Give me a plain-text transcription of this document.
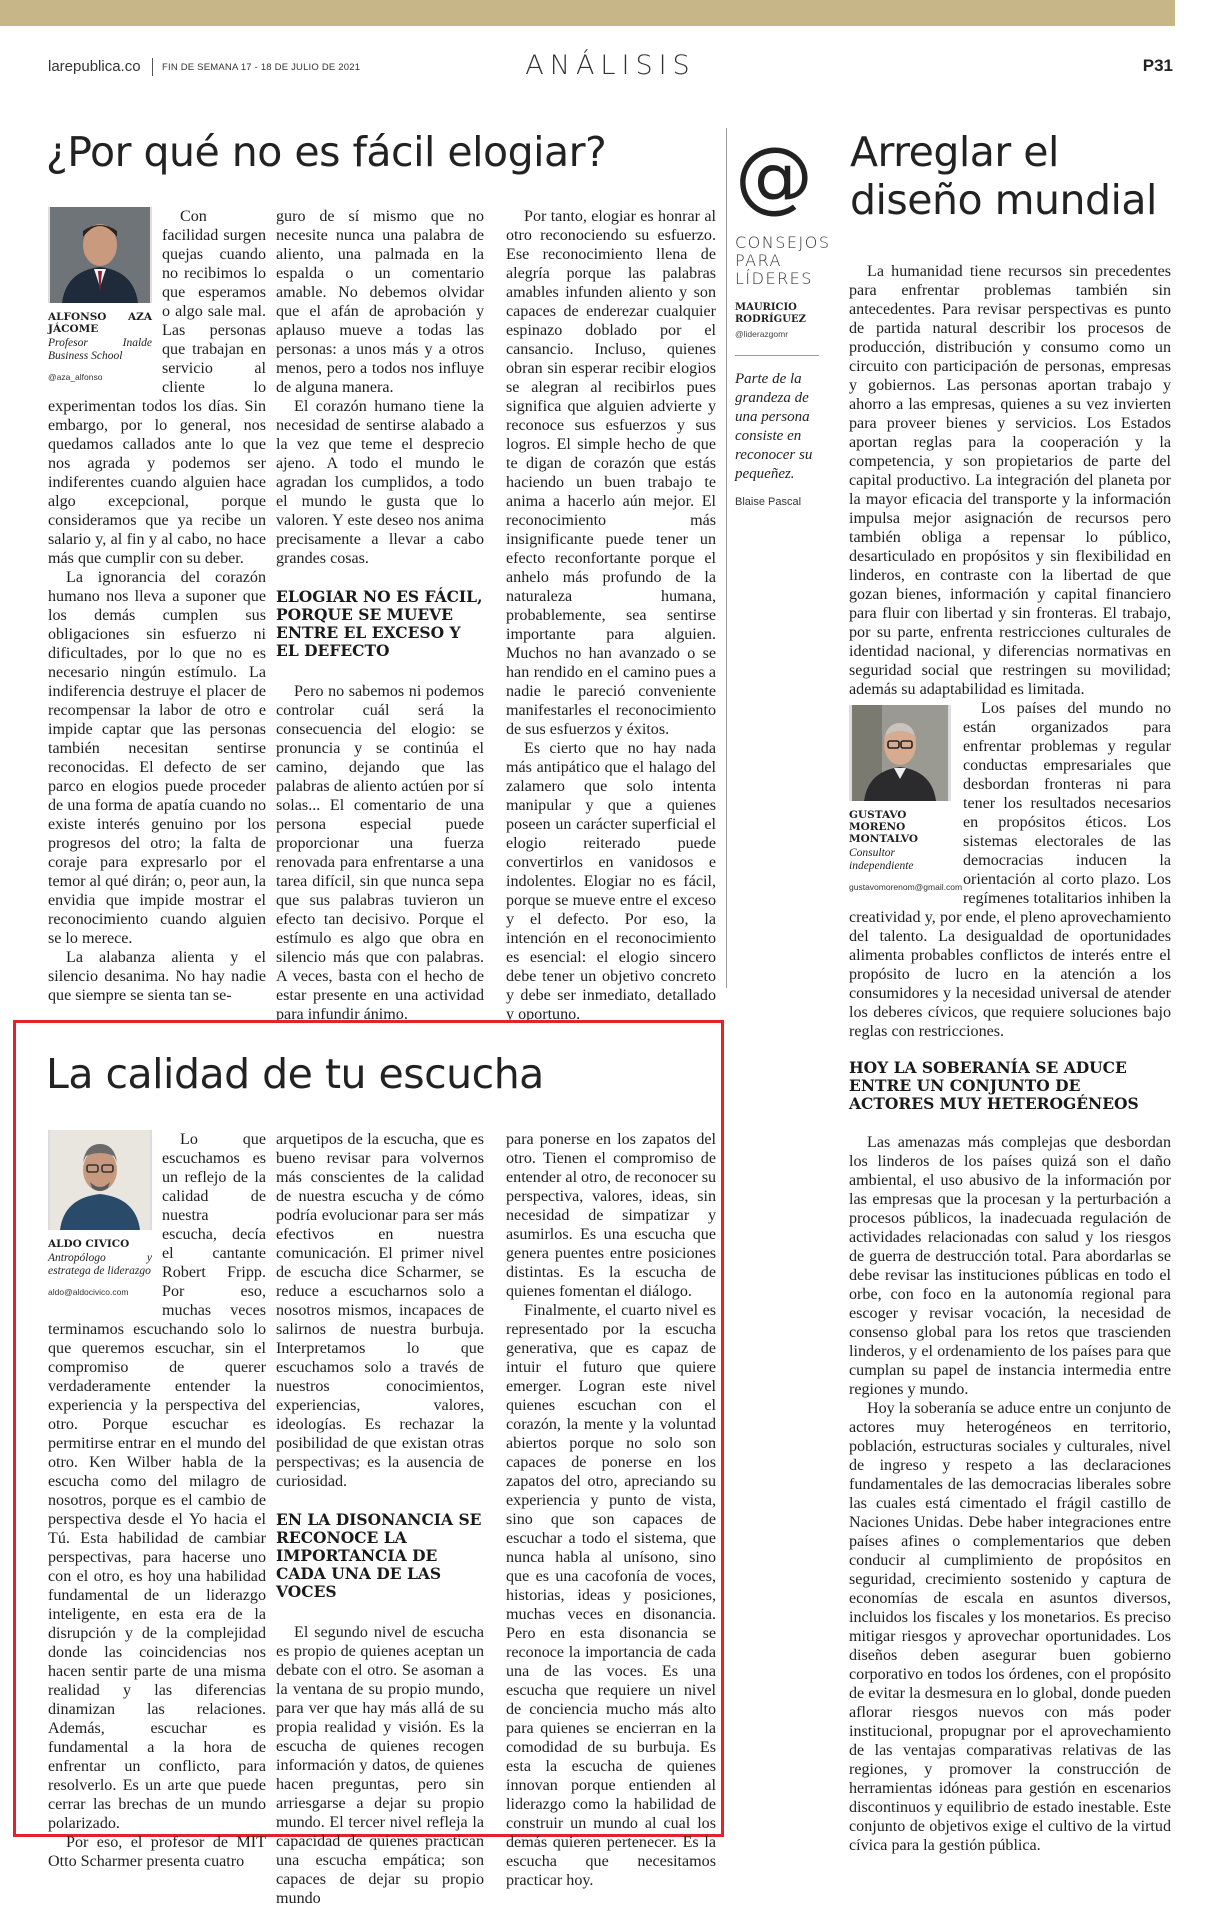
larepublica.co FIN DE SEMANA 17 - 18 DE JULIO DE 2021	ANÁLISIS	P31
¿Por qué no es fácil elogiar?
ALFONSO AZA JÁCOME
Profesor Inalde Business School
@aza_alfonso

Con facilidad surgen quejas cuando no recibimos lo que esperamos o algo sale mal. Las personas que trabajan en servicio al cliente lo experimentan todos los días. Sin embargo, por lo general, nos quedamos callados ante lo que nos agrada y podemos ser indiferentes cuando alguien hace algo excepcional, porque consideramos que ya recibe un salario y, al fin y al cabo, no hace más que cumplir con su deber.

La ignorancia del corazón humano nos lleva a suponer que los demás cumplen sus obligaciones sin esfuerzo ni dificultades, por lo que no es necesario ningún estímulo. La indiferencia destruye el placer de recompensar la labor de otro e impide captar que las personas también necesitan sentirse reconocidas. El defecto de ser parco en elogios puede proceder de una forma de apatía cuando no existe interés genuino por los progresos del otro; la falta de coraje para expresarlo por el temor al qué dirán; o, peor aun, la envidia que impide mostrar el reconocimiento cuando alguien se lo merece.

La alabanza alienta y el silencio desanima. No hay nadie que siempre se sienta tan se-

guro de sí mismo que no necesite nunca una palabra de aliento, una palmada en la espalda o un comentario amable. No debemos olvidar que el afán de aprobación y aplauso mueve a todas las personas: a unos más y a otros menos, pero a todos nos influye de alguna manera.

El corazón humano tiene la necesidad de sentirse alabado a la vez que teme el desprecio ajeno. A todo el mundo le agradan los cumplidos, a todo el mundo le gusta que lo valoren. Y este deseo nos anima precisamente a llevar a cabo grandes cosas.

ELOGIAR NO ES FÁCIL, PORQUE SE MUEVE ENTRE EL EXCESO Y EL DEFECTO

Pero no sabemos ni podemos controlar cuál será la consecuencia del elogio: se pronuncia y se continúa el camino, dejando que las palabras de aliento actúen por sí solas... El comentario de una persona especial puede proporcionar una fuerza renovada para enfrentarse a una tarea difícil, sin que nunca sepa que sus palabras tuvieron un efecto tan decisivo. Porque el estímulo es algo que obra en silencio más que con palabras. A veces, basta con el hecho de estar presente en una actividad para infundir ánimo.

Por tanto, elogiar es honrar al otro reconociendo su esfuerzo. Ese reconocimiento llena de alegría porque las palabras amables infunden aliento y son capaces de enderezar cualquier espinazo doblado por el cansancio. Incluso, quienes obran sin esperar recibir elogios se alegran al recibirlos pues significa que alguien advierte y reconoce sus esfuerzos y sus logros. El simple hecho de que te digan de corazón que estás haciendo un buen trabajo te anima a hacerlo aún mejor. El reconocimiento más insignificante puede tener un efecto reconfortante porque el anhelo más profundo de la naturaleza humana, probablemente, sea sentirse importante para alguien. Muchos no han avanzado o se han rendido en el camino pues a nadie le pareció conveniente manifestarles el reconocimiento de sus esfuerzos y éxitos.

Es cierto que no hay nada más antipático que el halago del zalamero que solo intenta manipular y que a quienes poseen un carácter superficial el elogio reiterado puede convertirlos en vanidosos e indolentes. Elogiar no es fácil, porque se mueve entre el exceso y el defecto. Por eso, la intención en el reconocimiento es esencial: el elogio sincero debe tener un objetivo concreto y debe ser inmediato, detallado y oportuno.

@
CONSEJOS PARA LÍDERES
MAURICIO RODRÍGUEZ
@liderazgomr
Parte de la grandeza de una persona consiste en reconocer su pequeñez.
Blaise Pascal
Arreglar el diseño mundial

La humanidad tiene recursos sin precedentes para enfrentar problemas también sin antecedentes. Para revisar perspectivas es punto de partida natural describir los procesos de producción, distribución y consumo como un circuito con participación de personas, empresas y gobiernos. Las personas aportan trabajo y ahorro a las empresas, quienes a su vez invierten para proveer bienes y servicios. Los Estados aportan reglas para la cooperación y la competencia, y son propietarios de parte del capital productivo. La integración del planeta por la mayor eficacia del transporte y la información impulsa mejor asignación de recursos pero también obliga a repensar lo público, desarticulado en propósitos y sin flexibilidad en linderos, en contraste con la libertad de que gozan bienes, información y capital financiero para fluir con libertad y sin fronteras. El trabajo, por su parte, enfrenta restricciones culturales de identidad nacional, y diferencias normativas en seguridad social que restringen su movilidad; además su adaptabilidad es limitada.

GUSTAVO MORENO MONTALVO
Consultor independiente
gustavomorenom@gmail.com

Los países del mundo no están organizados para enfrentar problemas y regular conductas empresariales que desbordan fronteras ni para tener los resultados necesarios en propósitos éticos. Los sistemas electorales de las democracias inducen la orientación al corto plazo. Los regímenes totalitarios inhiben la creatividad y, por ende, el pleno aprovechamiento del talento. La desigualdad de oportunidades alimenta probables conflictos de interés entre el propósito de lucro en la atención a los consumidores y la necesidad universal de atender los deberes cívicos, que requiere soluciones bajo reglas con restricciones.

HOY LA SOBERANÍA SE ADUCE ENTRE UN CONJUNTO DE ACTORES MUY HETEROGÉNEOS

Las amenazas más complejas que desbordan los linderos de los países quizá son el daño ambiental, el uso abusivo de la información por las empresas que la procesan y la perturbación a procesos públicos, la inadecuada regulación de actividades relacionadas con salud y los riesgos de guerra de destrucción total. Para abordarlas se debe revisar las instituciones públicas en todo el orbe, con foco en la autonomía regional para escoger y revisar vocación, la necesidad de consenso global para los retos que trascienden linderos, y el ordenamiento de los países para que cumplan su papel de instancia intermedia entre regiones y mundo.

Hoy la soberanía se aduce entre un conjunto de actores muy heterogéneos en territorio, población, estructuras sociales y culturales, nivel de ingreso y respeto a las declaraciones fundamentales de las democracias liberales sobre las cuales está cimentado el frágil castillo de Naciones Unidas. Debe haber integraciones entre países afines o complementarios que deben conducir al cumplimiento de propósitos en seguridad, crecimiento sostenido y captura de economías de escala en asuntos diversos, incluidos los fiscales y los monetarios. Es preciso mitigar riesgos y aprovechar oportunidades. Los diseños deben asegurar buen gobierno corporativo en todos los órdenes, con el propósito de evitar la desmesura en lo global, donde pueden aflorar riesgos nuevos con más poder institucional, propugnar por el aprovechamiento de las ventajas comparativas relativas de las regiones, y promover la construcción de herramientas idóneas para gestión en escenarios discontinuos y equilibrio de estado inestable. Este conjunto de objetivos exige el cultivo de la virtud cívica para la gestión pública.

La calidad de tu escucha
ALDO CIVICO
Antropólogo y estratega de liderazgo
aldo@aldocivico.com

Lo que escuchamos es un reflejo de la calidad de nuestra escucha, decía el cantante Robert Fripp. Por eso, muchas veces terminamos escuchando solo lo que queremos escuchar, sin el compromiso de querer verdaderamente entender la experiencia y la perspectiva del otro. Porque escuchar es permitirse entrar en el mundo del otro. Ken Wilber habla de la escucha como del milagro de nosotros, porque es el cambio de perspectiva desde el Yo hacia el Tú. Esta habilidad de cambiar perspectivas, para hacerse uno con el otro, es hoy una habilidad fundamental de un liderazgo inteligente, en esta era de la disrupción y de la complejidad donde las coincidencias nos hacen sentir parte de una misma realidad y las diferencias dinamizan las relaciones. Además, escuchar es fundamental a la hora de enfrentar un conflicto, para resolverlo. Es un arte que puede cerrar las brechas de un mundo polarizado.

Por eso, el profesor de MIT Otto Scharmer presenta cuatro

arquetipos de la escucha, que es bueno revisar para volvernos más conscientes de la calidad de nuestra escucha y de cómo podría evolucionar para ser más efectivos en nuestra comunicación. El primer nivel de escucha dice Scharmer, se reduce a escucharnos solo a nosotros mismos, incapaces de salirnos de nuestra burbuja. Interpretamos lo que escuchamos solo a través de nuestros conocimientos, experiencias, valores, ideologías. Es rechazar la posibilidad de que existan otras perspectivas; es la ausencia de curiosidad.

EN LA DISONANCIA SE RECONOCE LA IMPORTANCIA DE CADA UNA DE LAS VOCES

El segundo nivel de escucha es propio de quienes aceptan un debate con el otro. Se asoman a la ventana de su propio mundo, para ver que hay más allá de su propia realidad y visión. Es la escucha de quienes recogen información y datos, de quienes hacen preguntas, pero sin arriesgarse a dejar su propio mundo. El tercer nivel refleja la capacidad de quienes practican una escucha empática; son capaces de dejar su propio mundo

para ponerse en los zapatos del otro. Tienen el compromiso de entender al otro, de reconocer su perspectiva, valores, ideas, sin necesidad de simpatizar y asumirlos. Es una escucha que genera puentes entre posiciones distintas. Es la escucha de quienes fomentan el diálogo.

Finalmente, el cuarto nivel es representado por la escucha generativa, que es capaz de intuir el futuro que quiere emerger. Logran este nivel quienes escuchan con el corazón, la mente y la voluntad abiertos porque no solo son capaces de ponerse en los zapatos del otro, apreciando su experiencia y punto de vista, sino que son capaces de escuchar a todo el sistema, que nunca habla al unísono, sino que es una cacofonía de voces, historias, ideas y posiciones, muchas veces en disonancia. Pero en esta disonancia se reconoce la importancia de cada una de las voces. Es una escucha que requiere un nivel de conciencia mucho más alto para quienes se encierran en la comodidad de su burbuja. Es esta la escucha de quienes innovan porque entienden al liderazgo como la habilidad de construir un mundo al cual los demás quieren pertenecer. Es la escucha que necesitamos practicar hoy.
